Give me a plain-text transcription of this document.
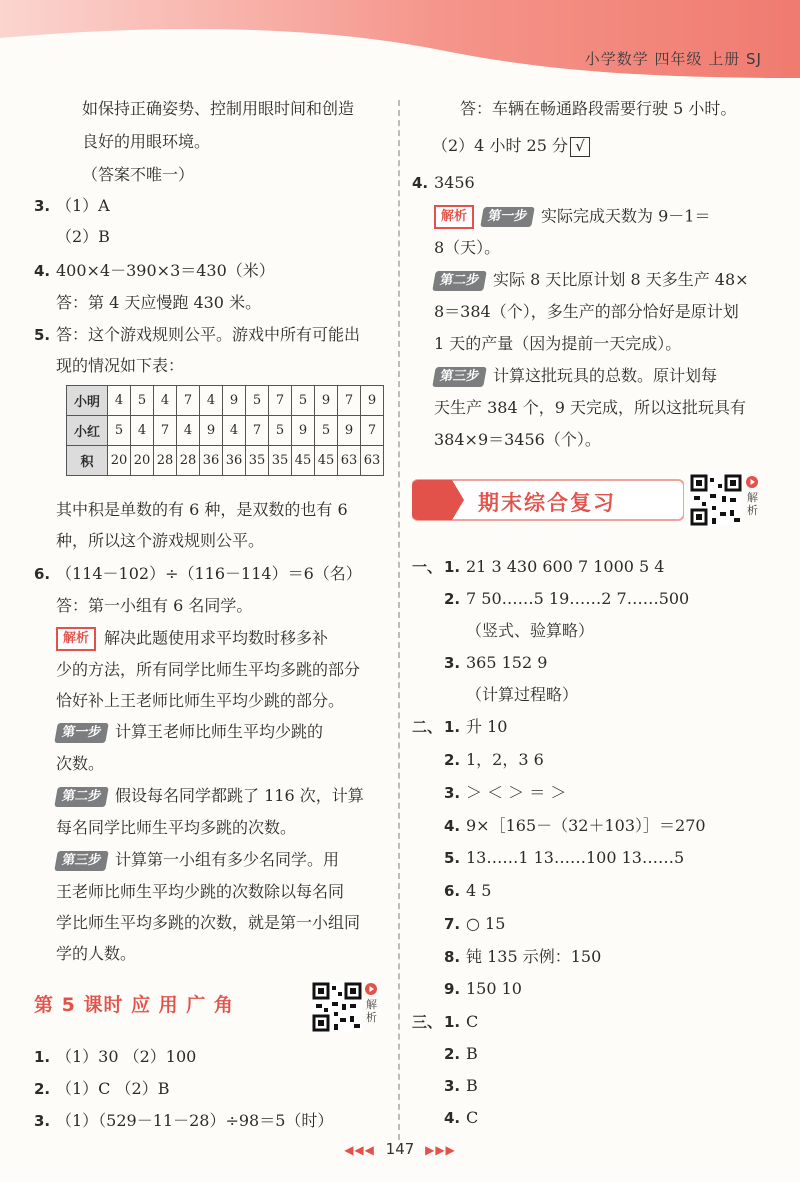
小学数学 四年级 上册 SJ
如保持正确姿势、控制用眼时间和创造
良好的用眼环境。
（答案不唯一）
3. （1）A
（2）B
4. 400×4－390×3＝430（米）
答：第 4 天应慢跑 430 米。
5. 答：这个游戏规则公平。游戏中所有可能出
现的情况如下表：
小明	4	5	4	7	4	9	5	7	5	9	7	9
小红	5	4	7	4	9	4	7	5	9	5	9	7
积	20	20	28	28	36	36	35	35	45	45	63	63
其中积是单数的有 6 种，是双数的也有 6
种，所以这个游戏规则公平。
6. （114－102）÷（116－114）＝6（名）
答：第一小组有 6 名同学。
解析 解决此题使用求平均数时移多补
少的方法，所有同学比师生平均多跳的部分
恰好补上王老师比师生平均少跳的部分。
第一步 计算王老师比师生平均少跳的
次数。
第二步 假设每名同学都跳了 116 次，计算
每名同学比师生平均多跳的次数。
第三步 计算第一小组有多少名同学。用
王老师比师生平均少跳的次数除以每名同
学比师生平均多跳的次数，就是第一小组同
学的人数。
第 5 课时 应 用 广 角	解析
1. （1）30 （2）100
2. （1）C （2）B
3. （1）（529－11－28）÷98＝5（时）
答：车辆在畅通路段需要行驶 5 小时。
（2）4 小时 25 分 √
4. 3456
解析 第一步 实际完成天数为 9－1＝
8（天）。
第二步 实际 8 天比原计划 8 天多生产 48×
8＝384（个），多生产的部分恰好是原计划
1 天的产量（因为提前一天完成）。
第三步 计算这批玩具的总数。原计划每
天生产 384 个，9 天完成，所以这批玩具有
384×9＝3456（个）。
期末综合复习	解析
一、 1. 21 3 430 600 7 1000 5 4
2. 7 50……5 19……2 7……500
（竖式、验算略）
3. 365 152 9
（计算过程略）
二、 1. 升 10
2. 1，2，3 6
3. ＞ ＜ ＞ ＝ ＞
4. 9×［165－（32＋103）］＝270
5. 13……1 13……100 13……5
6. 4 5
7. ○ 15
8. 钝 135 示例：150
9. 150 10
三、 1. C
2. B
3. B
4. C
◀◀◀ 147 ▶▶▶
